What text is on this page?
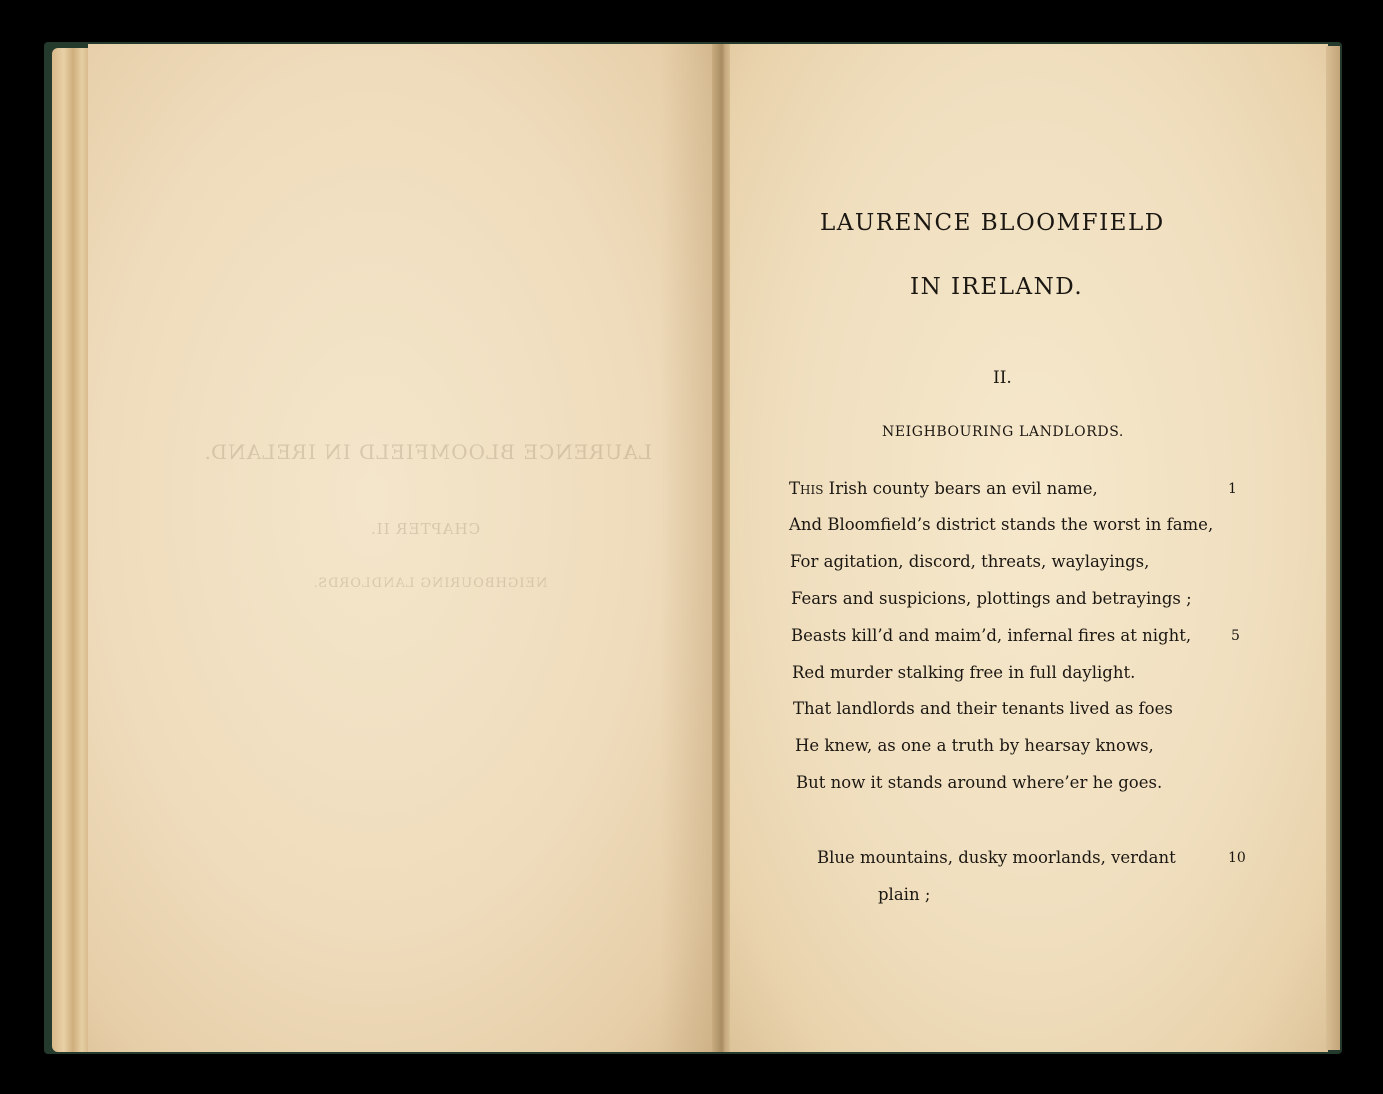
LAURENCE BLOOMFIELD IN IRELAND.
CHAPTER II.
NEIGHBOURING LANDLORDS.
LAURENCE BLOOMFIELD
IN IRELAND.
II.
NEIGHBOURING LANDLORDS.
This Irish county bears an evil name,
And Bloomfield’s district stands the worst in fame,
For agitation, discord, threats, waylayings,
Fears and suspicions, plottings and betrayings ;
Beasts kill’d and maim’d, infernal fires at night,
Red murder stalking free in full daylight.
That landlords and their tenants lived as foes
He knew, as one a truth by hearsay knows,
But now it stands around where’er he goes.
Blue mountains, dusky moorlands, verdant
plain ;
1
5
10
